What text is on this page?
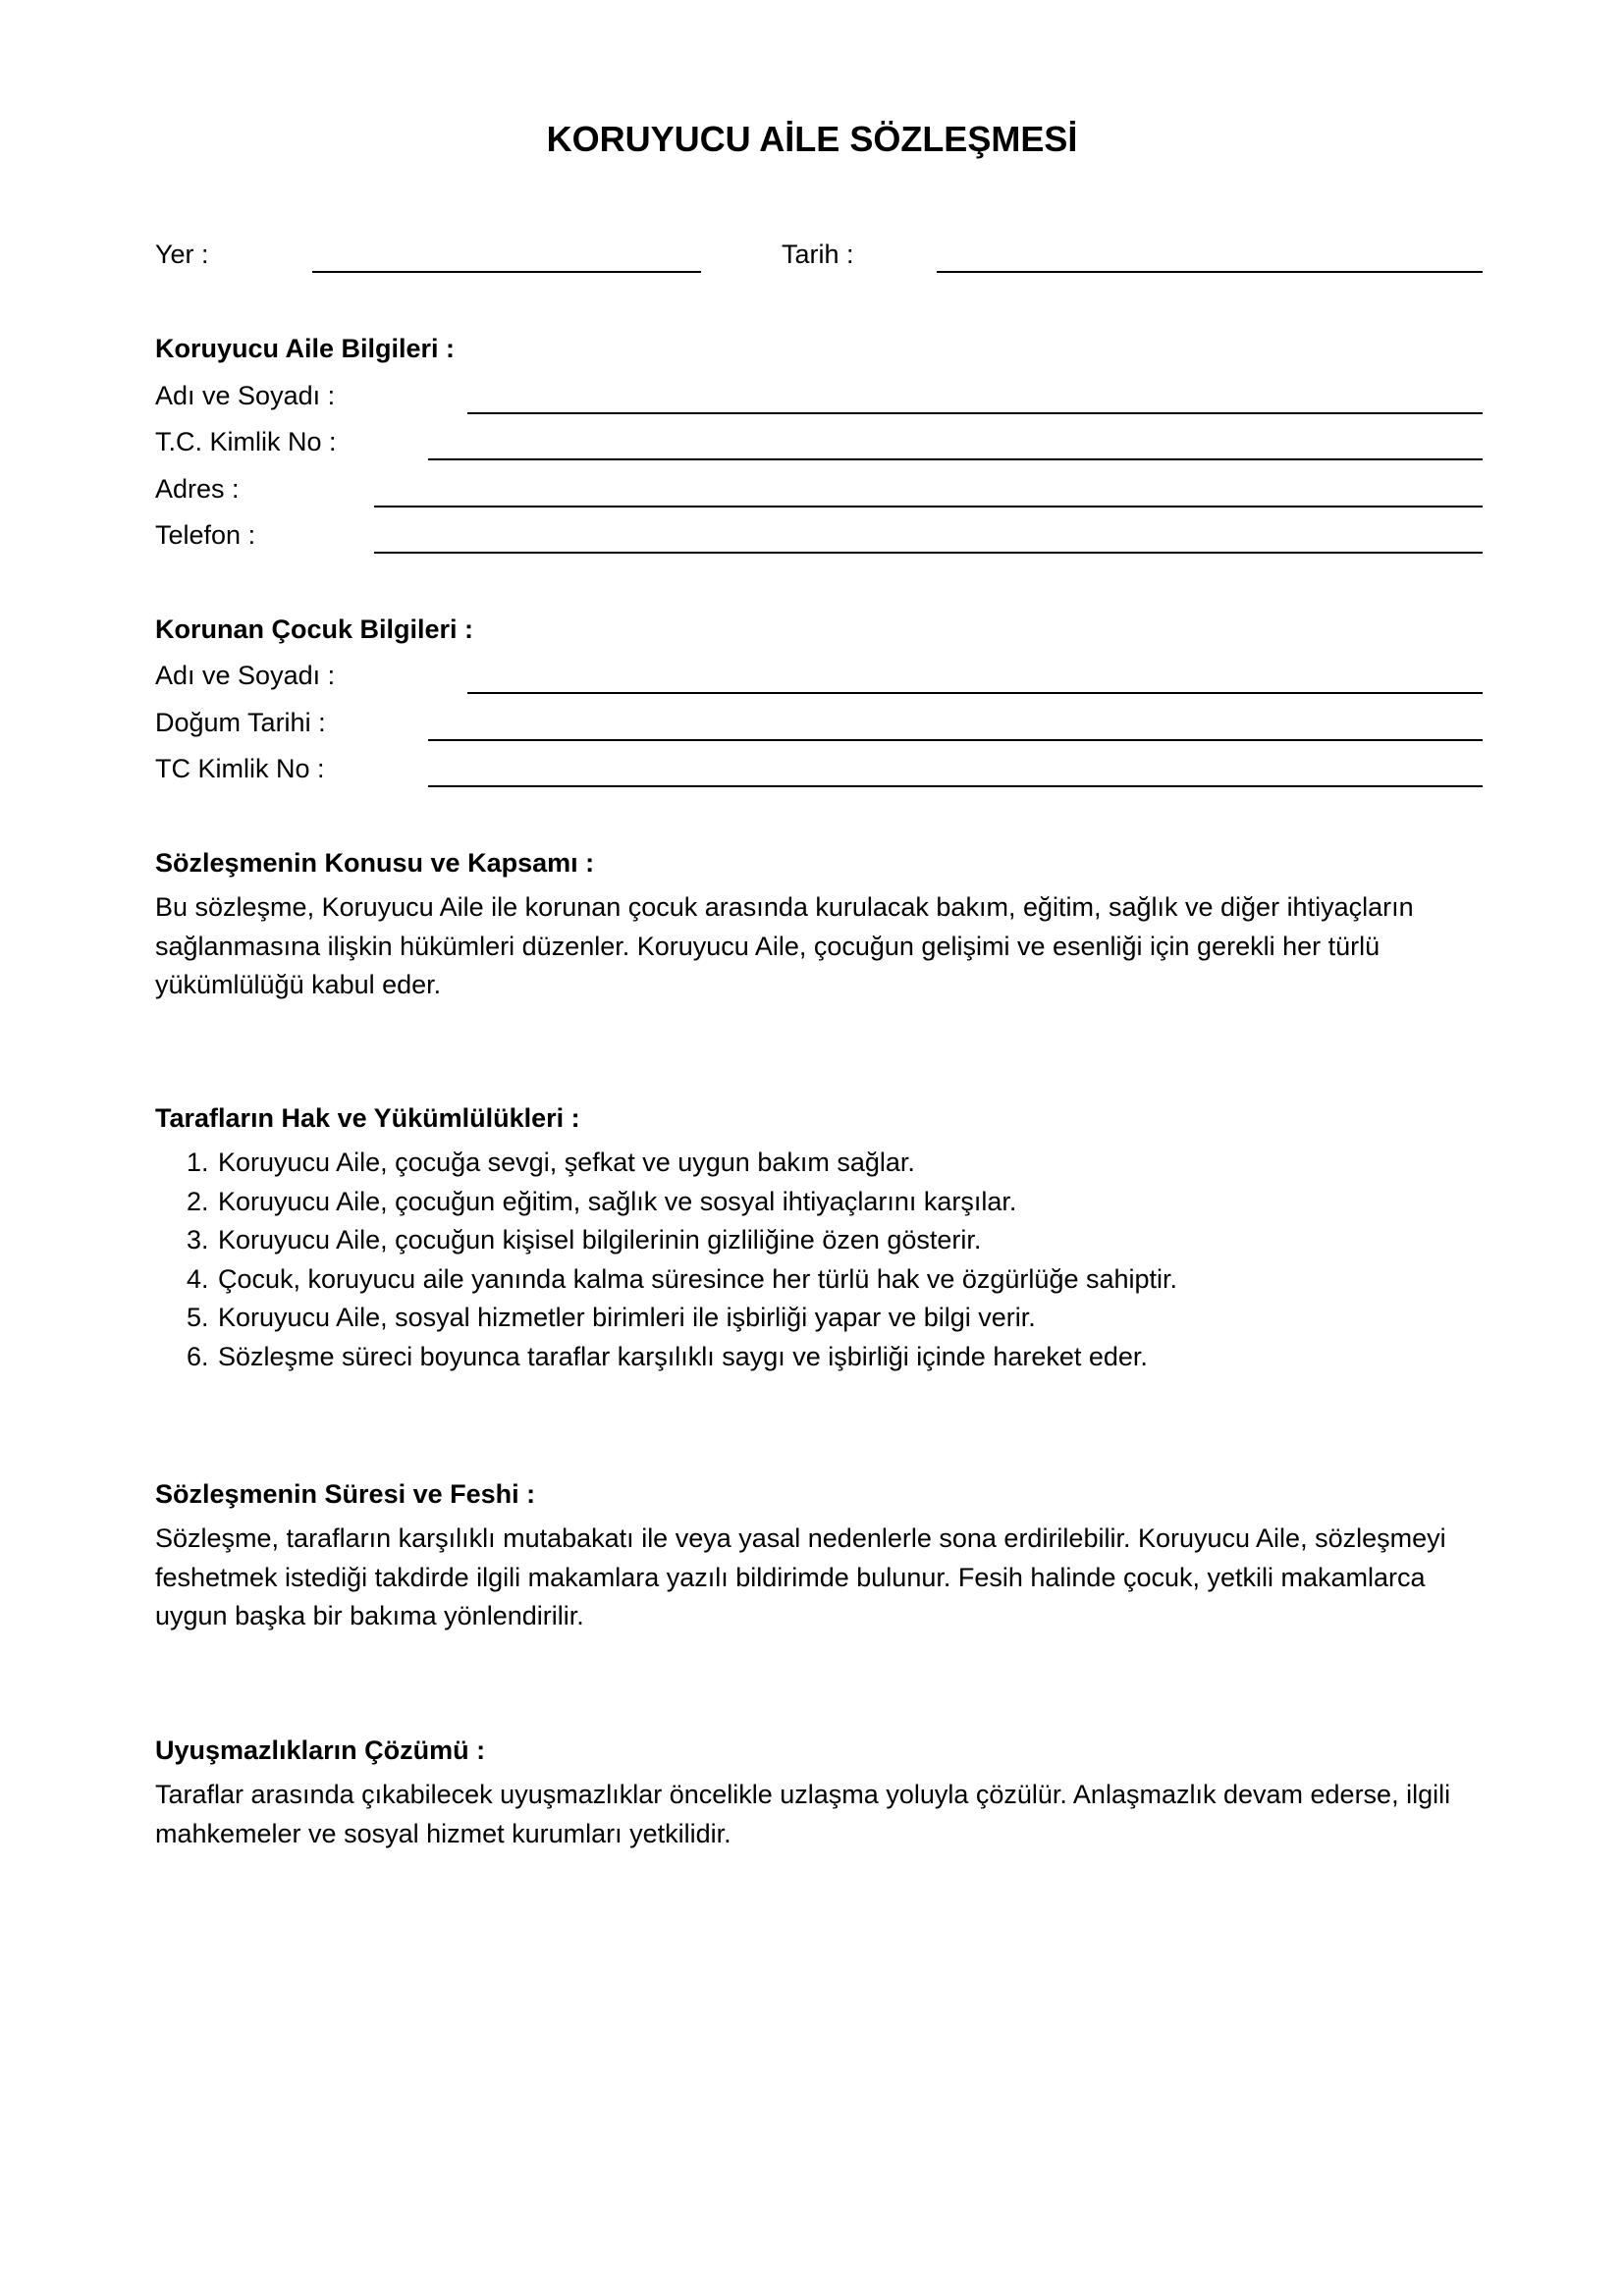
KORUYUCU AİLE SÖZLEŞMESİ
Yer :	Tarih :
Koruyucu Aile Bilgileri :
Adı ve Soyadı :
T.C. Kimlik No :
Adres :
Telefon :
Korunan Çocuk Bilgileri :
Adı ve Soyadı :
Doğum Tarihi :
TC Kimlik No :
Sözleşmenin Konusu ve Kapsamı :
Bu sözleşme, Koruyucu Aile ile korunan çocuk arasında kurulacak bakım, eğitim, sağlık ve diğer ihtiyaçların sağlanmasına ilişkin hükümleri düzenler. Koruyucu Aile, çocuğun gelişimi ve esenliği için gerekli her türlü yükümlülüğü kabul eder.
Tarafların Hak ve Yükümlülükleri :
1. Koruyucu Aile, çocuğa sevgi, şefkat ve uygun bakım sağlar.
2. Koruyucu Aile, çocuğun eğitim, sağlık ve sosyal ihtiyaçlarını karşılar.
3. Koruyucu Aile, çocuğun kişisel bilgilerinin gizliliğine özen gösterir.
4. Çocuk, koruyucu aile yanında kalma süresince her türlü hak ve özgürlüğe sahiptir.
5. Koruyucu Aile, sosyal hizmetler birimleri ile işbirliği yapar ve bilgi verir.
6. Sözleşme süreci boyunca taraflar karşılıklı saygı ve işbirliği içinde hareket eder.
Sözleşmenin Süresi ve Feshi :
Sözleşme, tarafların karşılıklı mutabakatı ile veya yasal nedenlerle sona erdirilebilir. Koruyucu Aile, sözleşmeyi feshetmek istediği takdirde ilgili makamlara yazılı bildirimde bulunur. Fesih halinde çocuk, yetkili makamlarca uygun başka bir bakıma yönlendirilir.
Uyuşmazlıkların Çözümü :
Taraflar arasında çıkabilecek uyuşmazlıklar öncelikle uzlaşma yoluyla çözülür. Anlaşmazlık devam ederse, ilgili mahkemeler ve sosyal hizmet kurumları yetkilidir.
